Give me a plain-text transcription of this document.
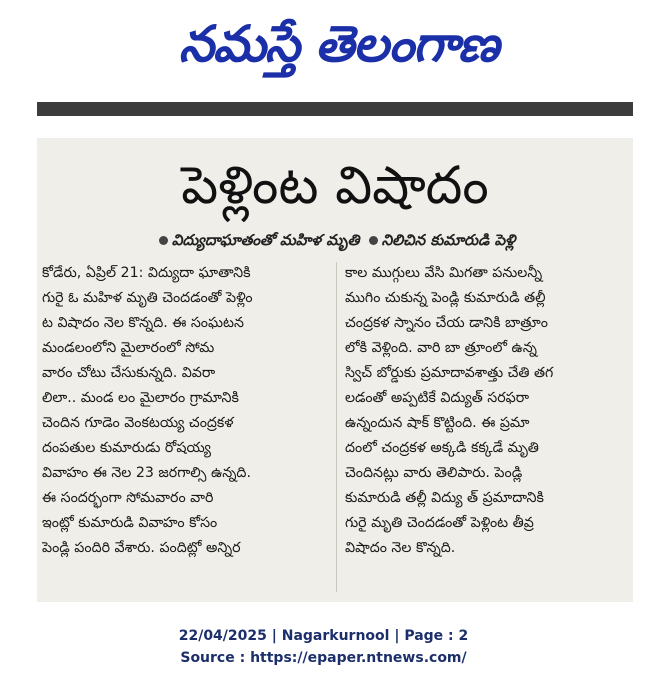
నమస్తే తెలంగాణ
పెళ్లింట విషాదం
విద్యుదాఘాతంతో మహిళ మృతి నిలిచిన కుమారుడి పెళ్లి
కోడేరు, ఏప్రిల్ 21: విద్యుదా ఘాతానికి
గురై ఓ మహిళ మృతి చెందడంతో పెళ్లిం
ట విషాదం నెల కొన్నది. ఈ సంఘటన
మండలంలోని మైలారంలో సోమ
వారం చోటు చేసుకున్నది. వివరా
లిలా.. మండ లం మైలారం గ్రామానికి
చెందిన గూడెం వెంకటయ్య చంద్రకళ
దంపతుల కుమారుడు రోషయ్య
వివాహం ఈ నెల 23 జరగాల్సి ఉన్నది.
ఈ సందర్భంగా సోమవారం వారి
ఇంట్లో కుమారుడి వివాహం కోసం
పెండ్లి పందిరి వేశారు. పందిట్లో అన్నిర
కాల ముగ్గులు వేసి మిగతా పనులన్నీ
ముగిం చుకున్న పెండ్లి కుమారుడి తల్లీ
చంద్రకళ స్నానం చేయ డానికి బాత్రూం
లోకి వెళ్లింది. వారి బా త్రూంలో ఉన్న
స్విచ్ బోర్డుకు ప్రమాదావశాత్తు చేతి తగ
లడంతో అప్పటికే విద్యుత్ సరఫరా
ఉన్నందున షాక్ కొట్టింది. ఈ ప్రమా
దంలో చంద్రకళ అక్కడి కక్కడే మృతి
చెందినట్లు వారు తెలిపారు. పెండ్లి
కుమారుడి తల్లీ విద్యు త్ ప్రమాదానికి
గురై మృతి చెందడంతో పెళ్లింట తీవ్ర
విషాదం నెల కొన్నది.
22/04/2025 | Nagarkurnool | Page : 2
Source : https://epaper.ntnews.com/
